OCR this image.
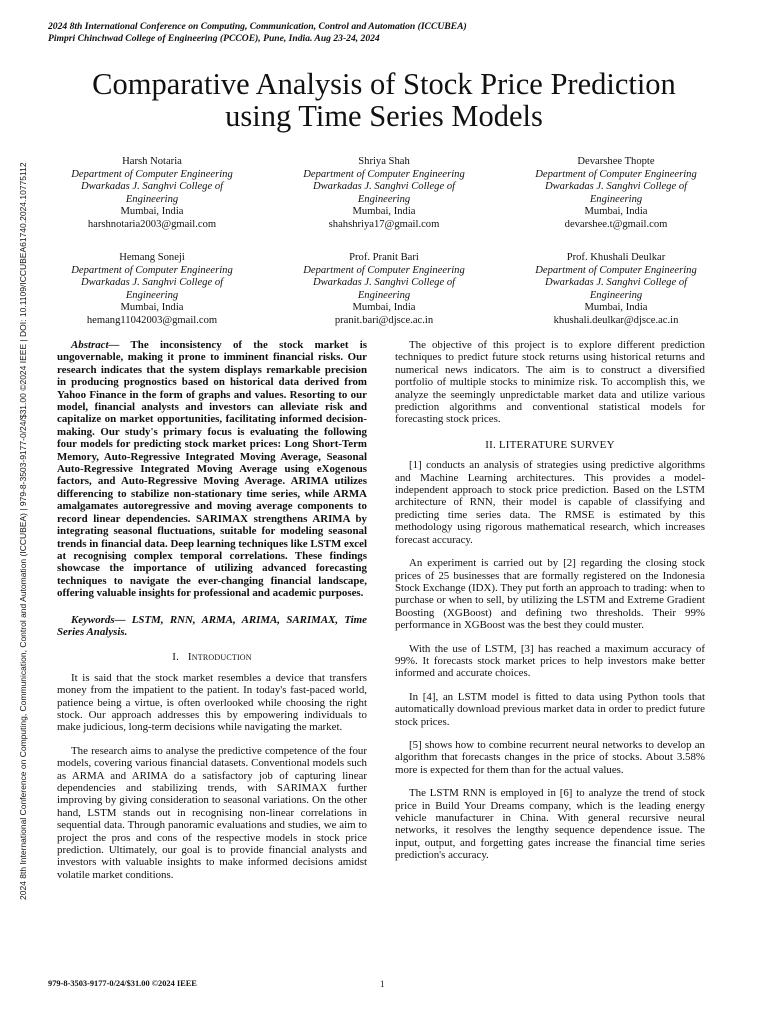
2024 8th International Conference on Computing, Communication, Control and Automation (ICCUBEA)
Pimpri Chinchwad College of Engineering (PCCOE), Pune, India. Aug 23-24, 2024
2024 8th International Conference on Computing, Communication, Control and Automation (ICCUBEA) | 979-8-3503-9177-0/24/$31.00 ©2024 IEEE | DOI: 10.1109/ICCUBEA61740.2024.10775112
Comparative Analysis of Stock Price Prediction
using Time Series Models
Harsh Notaria
Department of Computer Engineering
Dwarkadas J. Sanghvi College of
Engineering
Mumbai, India
harshnotaria2003@gmail.com
Shriya Shah
Department of Computer Engineering
Dwarkadas J. Sanghvi College of
Engineering
Mumbai, India
shahshriya17@gmail.com
Devarshee Thopte
Department of Computer Engineering
Dwarkadas J. Sanghvi College of
Engineering
Mumbai, India
devarshee.t@gmail.com
Hemang Soneji
Department of Computer Engineering
Dwarkadas J. Sanghvi College of
Engineering
Mumbai, India
hemang11042003@gmail.com
Prof. Pranit Bari
Department of Computer Engineering
Dwarkadas J. Sanghvi College of
Engineering
Mumbai, India
pranit.bari@djsce.ac.in
Prof. Khushali Deulkar
Department of Computer Engineering
Dwarkadas J. Sanghvi College of
Engineering
Mumbai, India
khushali.deulkar@djsce.ac.in

Abstract— The inconsistency of the stock market is ungovernable, making it prone to imminent financial risks. Our research indicates that the system displays remarkable precision in producing prognostics based on historical data derived from Yahoo Finance in the form of graphs and values. Resorting to our model, financial analysts and investors can alleviate risk and capitalize on market opportunities, facilitating informed decision-making. Our study's primary focus is evaluating the following four models for predicting stock market prices: Long Short-Term Memory, Auto-Regressive Integrated Moving Average, Seasonal Auto-Regressive Integrated Moving Average using eXogenous factors, and Auto-Regressive Moving Average. ARIMA utilizes differencing to stabilize non-stationary time series, while ARMA amalgamates autoregressive and moving average components to record linear dependencies. SARIMAX strengthens ARIMA by integrating seasonal fluctuations, suitable for modeling seasonal trends in financial data. Deep learning techniques like LSTM excel at recognising complex temporal correlations. These findings showcase the importance of utilizing advanced forecasting techniques to navigate the ever-changing financial landscape, offering valuable insights for professional and academic purposes.

Keywords— LSTM, RNN, ARMA, ARIMA, SARIMAX, Time Series Analysis.

I. Introduction

It is said that the stock market resembles a device that transfers money from the impatient to the patient. In today's fast-paced world, patience being a virtue, is often overlooked while choosing the right stock. Our approach addresses this by empowering individuals to make judicious, long-term decisions while navigating the market.

The research aims to analyse the predictive competence of the four models, covering various financial datasets. Conventional models such as ARMA and ARIMA do a satisfactory job of capturing linear dependencies and stabilizing trends, with SARIMAX further improving by giving consideration to seasonal variations. On the other hand, LSTM stands out in recognising non-linear correlations in sequential data. Through panoramic evaluations and studies, we aim to project the pros and cons of the respective models in stock price prediction. Ultimately, our goal is to provide financial analysts and investors with valuable insights to make informed decisions amidst volatile market conditions.

The objective of this project is to explore different prediction techniques to predict future stock returns using historical returns and numerical news indicators. The aim is to construct a diversified portfolio of multiple stocks to minimize risk. To accomplish this, we analyze the seemingly unpredictable market data and utilize various prediction algorithms and conventional statistical models for forecasting stock prices.

II. LITERATURE SURVEY

[1] conducts an analysis of strategies using predictive algorithms and Machine Learning architectures. This provides a model-independent approach to stock price prediction. Based on the LSTM architecture of RNN, their model is capable of classifying and predicting time series data. The RMSE is estimated by this methodology using rigorous mathematical research, which increases forecast accuracy.

An experiment is carried out by [2] regarding the closing stock prices of 25 businesses that are formally registered on the Indonesia Stock Exchange (IDX). They put forth an approach to trading: when to purchase or when to sell, by utilizing the LSTM and Extreme Gradient Boosting (XGBoost) and defining two thresholds. Their 99% performance in XGBoost was the best they could muster.

With the use of LSTM, [3] has reached a maximum accuracy of 99%. It forecasts stock market prices to help investors make better informed and accurate choices.

In [4], an LSTM model is fitted to data using Python tools that automatically download previous market data in order to predict future stock prices.

[5] shows how to combine recurrent neural networks to develop an algorithm that forecasts changes in the price of stocks. About 3.58% more is expected for them than for the actual values.

The LSTM RNN is employed in [6] to analyze the trend of stock price in Build Your Dreams company, which is the leading energy vehicle manufacturer in China. With general recursive neural networks, it resolves the lengthy sequence dependence issue. The input, output, and forgetting gates increase the financial time series prediction's accuracy.

979-8-3503-9177-0/24/$31.00 ©2024 IEEE	1
